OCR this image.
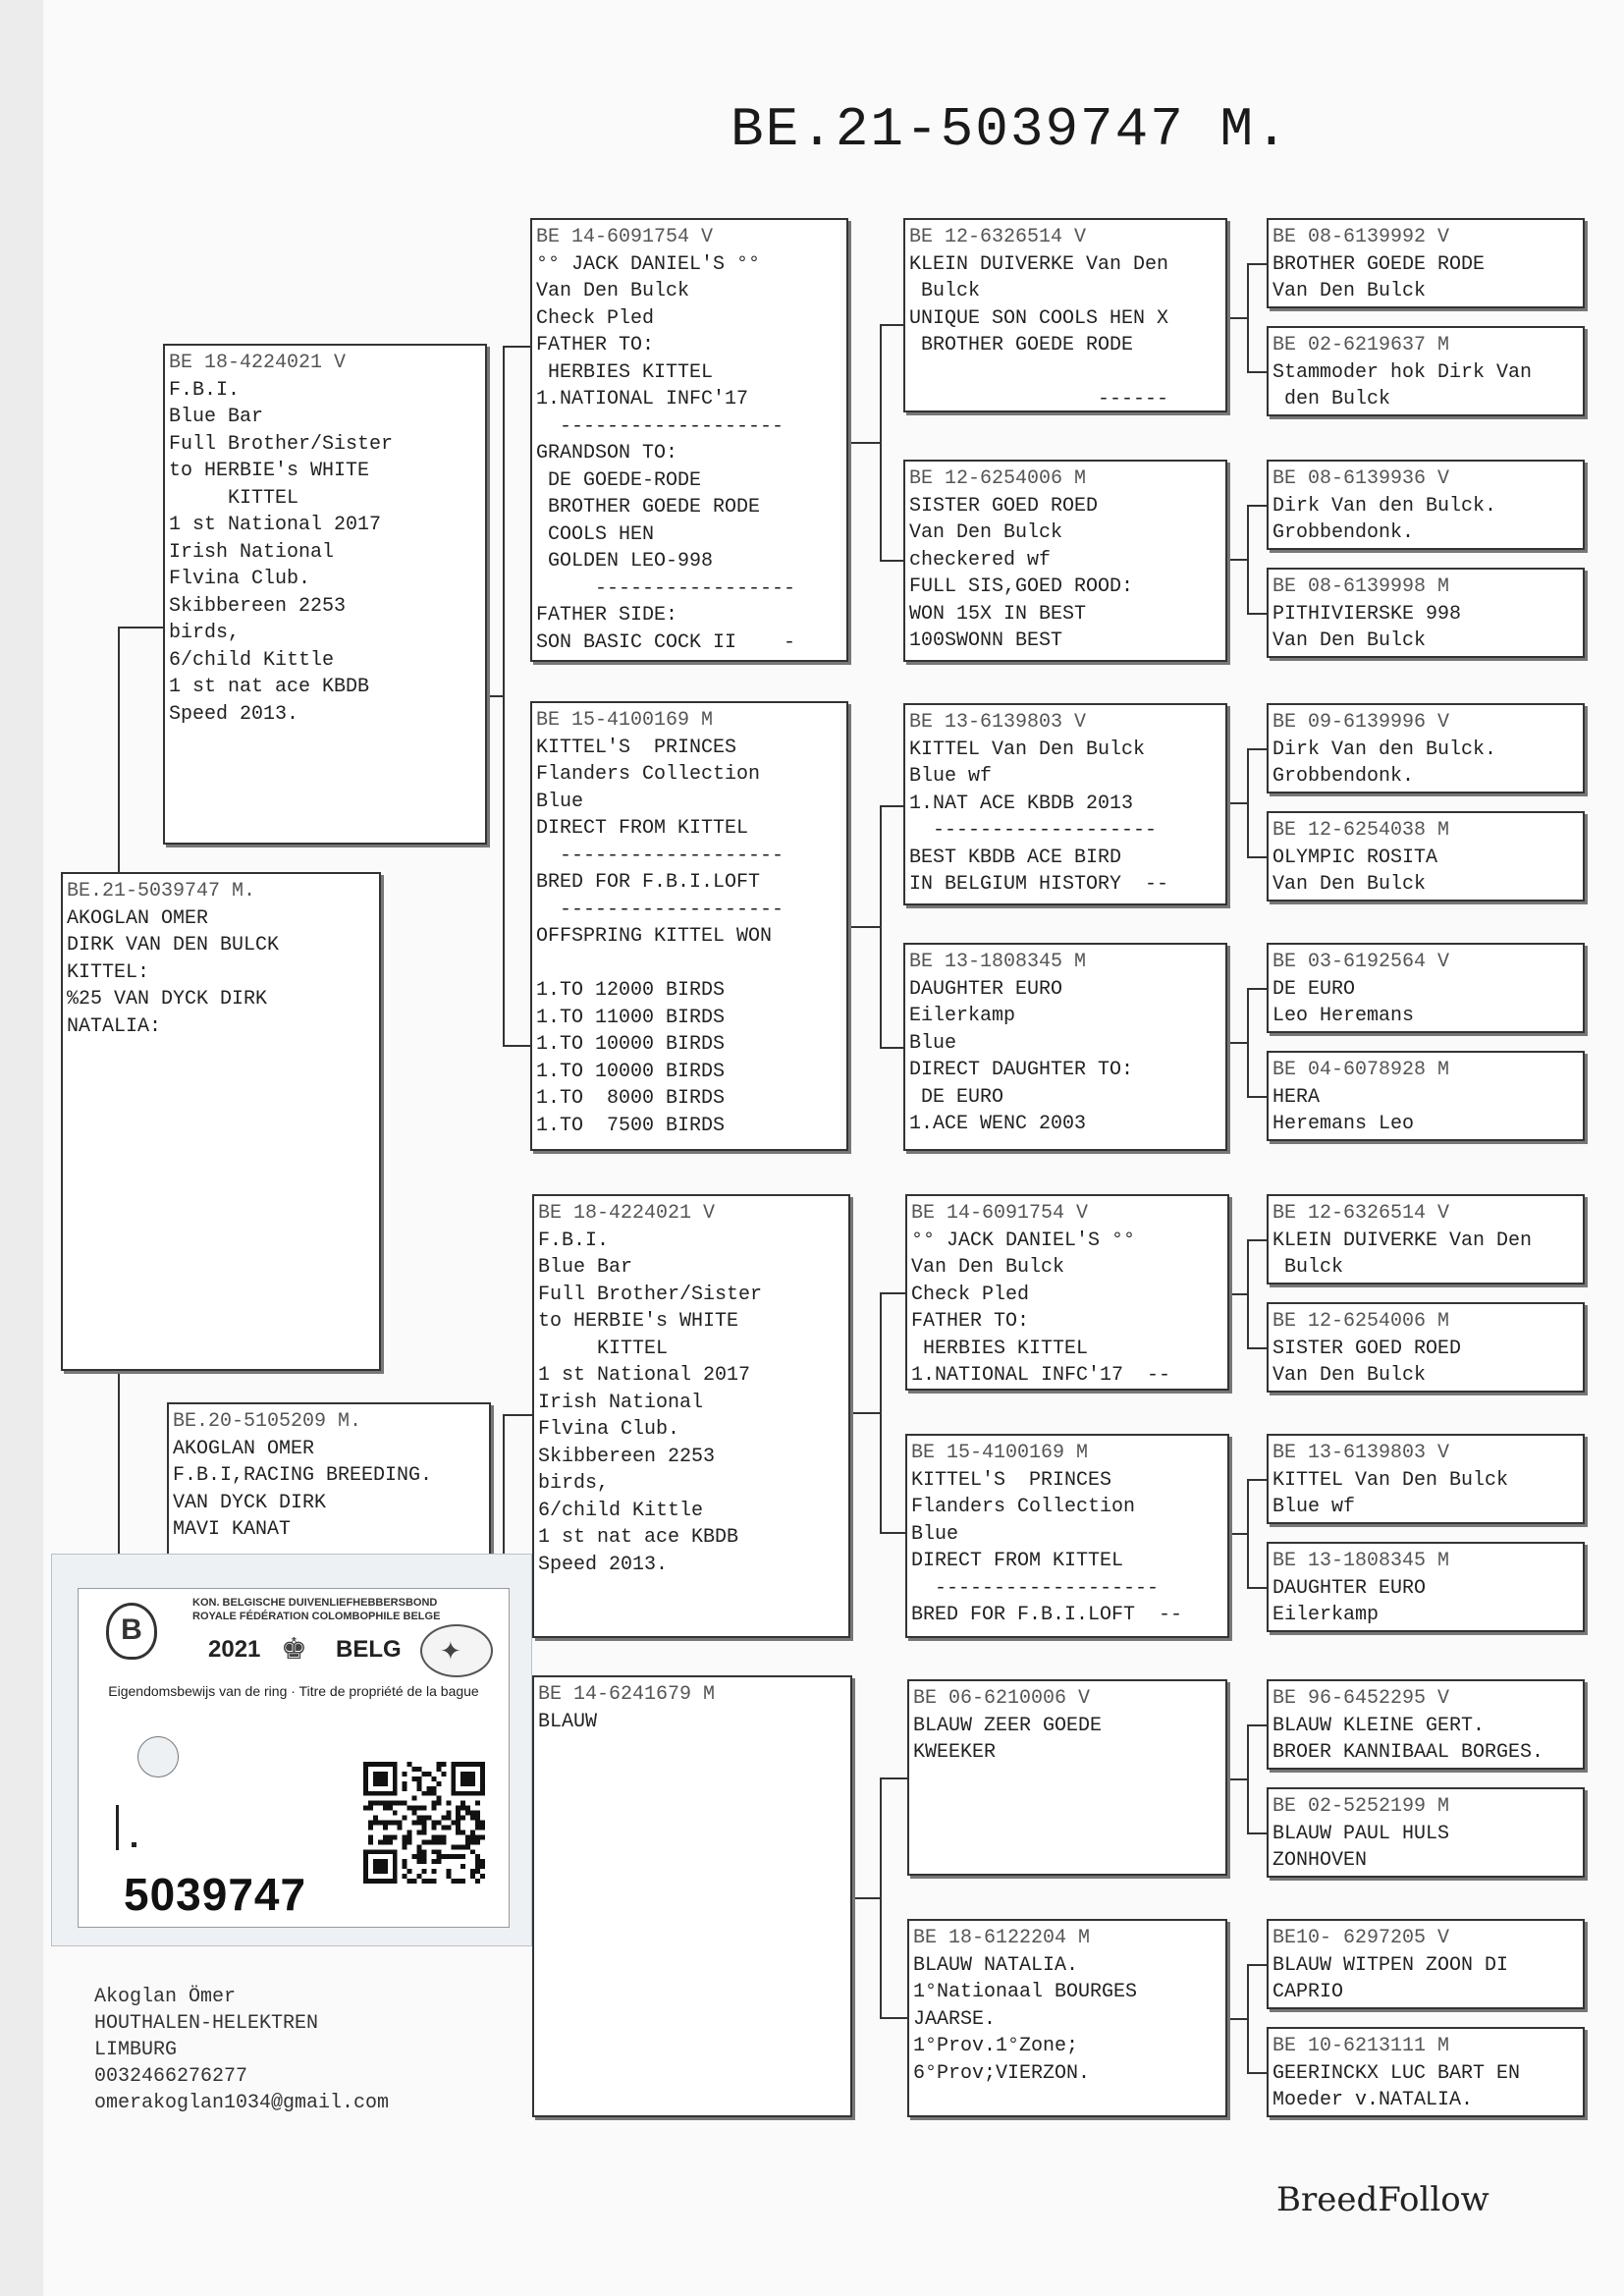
BE.21-5039747 M.
BE.21-5039747 M.
AKOGLAN OMER
DIRK VAN DEN BULCK
KITTEL:
%25 VAN DYCK DIRK
NATALIA:
BE.20-5105209 M.
AKOGLAN OMER
F.B.I,RACING BREEDING.
VAN DYCK DIRK
MAVI KANAT
BE 18-4224021 V
F.B.I.
Blue Bar
Full Brother/Sister
to HERBIE's WHITE
KITTEL
1 st National 2017
Irish National
Flvina Club.
Skibbereen 2253
birds,
6/child Kittle
1 st nat ace KBDB
Speed 2013.
BE 14-6091754 V
°° JACK DANIEL'S °°
Van Den Bulck
Check Pled
FATHER TO:
HERBIES KITTEL
1.NATIONAL INFC'17
-------------------
GRANDSON TO:
DE GOEDE-RODE
BROTHER GOEDE RODE
COOLS HEN
GOLDEN LEO-998
-----------------
FATHER SIDE:
SON BASIC COCK II    -
BE 15-4100169 M
KITTEL'S  PRINCES
Flanders Collection
Blue
DIRECT FROM KITTEL
-------------------
BRED FOR F.B.I.LOFT
-------------------
OFFSPRING KITTEL WON
1.TO 12000 BIRDS
1.TO 11000 BIRDS
1.TO 10000 BIRDS
1.TO 10000 BIRDS
1.TO  8000 BIRDS
1.TO  7500 BIRDS
BE 18-4224021 V
F.B.I.
Blue Bar
Full Brother/Sister
to HERBIE's WHITE
KITTEL
1 st National 2017
Irish National
Flvina Club.
Skibbereen 2253
birds,
6/child Kittle
1 st nat ace KBDB
Speed 2013.
BE 14-6241679 M
BLAUW
BE 12-6326514 V
KLEIN DUIVERKE Van Den
Bulck
UNIQUE SON COOLS HEN X
BROTHER GOEDE RODE
------
BE 12-6254006 M
SISTER GOED ROED
Van Den Bulck
checkered wf
FULL SIS,GOED ROOD:
WON 15X IN BEST
100SWONN BEST
BE 13-6139803 V
KITTEL Van Den Bulck
Blue wf
1.NAT ACE KBDB 2013
-------------------
BEST KBDB ACE BIRD
IN BELGIUM HISTORY  --
BE 13-1808345 M
DAUGHTER EURO
Eilerkamp
Blue
DIRECT DAUGHTER TO:
DE EURO
1.ACE WENC 2003
BE 14-6091754 V
°° JACK DANIEL'S °°
Van Den Bulck
Check Pled
FATHER TO:
HERBIES KITTEL
1.NATIONAL INFC'17  --
BE 15-4100169 M
KITTEL'S  PRINCES
Flanders Collection
Blue
DIRECT FROM KITTEL
-------------------
BRED FOR F.B.I.LOFT  --
BE 06-6210006 V
BLAUW ZEER GOEDE
KWEEKER
BE 18-6122204 M
BLAUW NATALIA.
1°Nationaal BOURGES
JAARSE.
1°Prov.1°Zone;
6°Prov;VIERZON.
BE 08-6139992 V
BROTHER GOEDE RODE
Van Den Bulck
BE 02-6219637 M
Stammoder hok Dirk Van
den Bulck
BE 08-6139936 V
Dirk Van den Bulck.
Grobbendonk.
BE 08-6139998 M
PITHIVIERSKE 998
Van Den Bulck
BE 09-6139996 V
Dirk Van den Bulck.
Grobbendonk.
BE 12-6254038 M
OLYMPIC ROSITA
Van Den Bulck
BE 03-6192564 V
DE EURO
Leo Heremans
BE 04-6078928 M
HERA
Heremans Leo
BE 12-6326514 V
KLEIN DUIVERKE Van Den
Bulck
BE 12-6254006 M
SISTER GOED ROED
Van Den Bulck
BE 13-6139803 V
KITTEL Van Den Bulck
Blue wf
BE 13-1808345 M
DAUGHTER EURO
Eilerkamp
BE 96-6452295 V
BLAUW KLEINE GERT.
BROER KANNIBAAL BORGES.
BE 02-5252199 M
BLAUW PAUL HULS
ZONHOVEN
BE10- 6297205 V
BLAUW WITPEN ZOON DI
CAPRIO
BE 10-6213111 M
GEERINCKX LUC BART EN
Moeder v.NATALIA.
B
KON. BELGISCHE DUIVENLIEFHEBBERSBOND
ROYALE FÉDÉRATION COLOMBOPHILE BELGE
2021 ♚ BELG ✦
Eigendomsbewijs van de ring · Titre de propriété de la bague
5039747
Akoglan Ömer
HOUTHALEN-HELEKTREN
LIMBURG
0032466276277
omerakoglan1034@gmail.com
BreedFollow
